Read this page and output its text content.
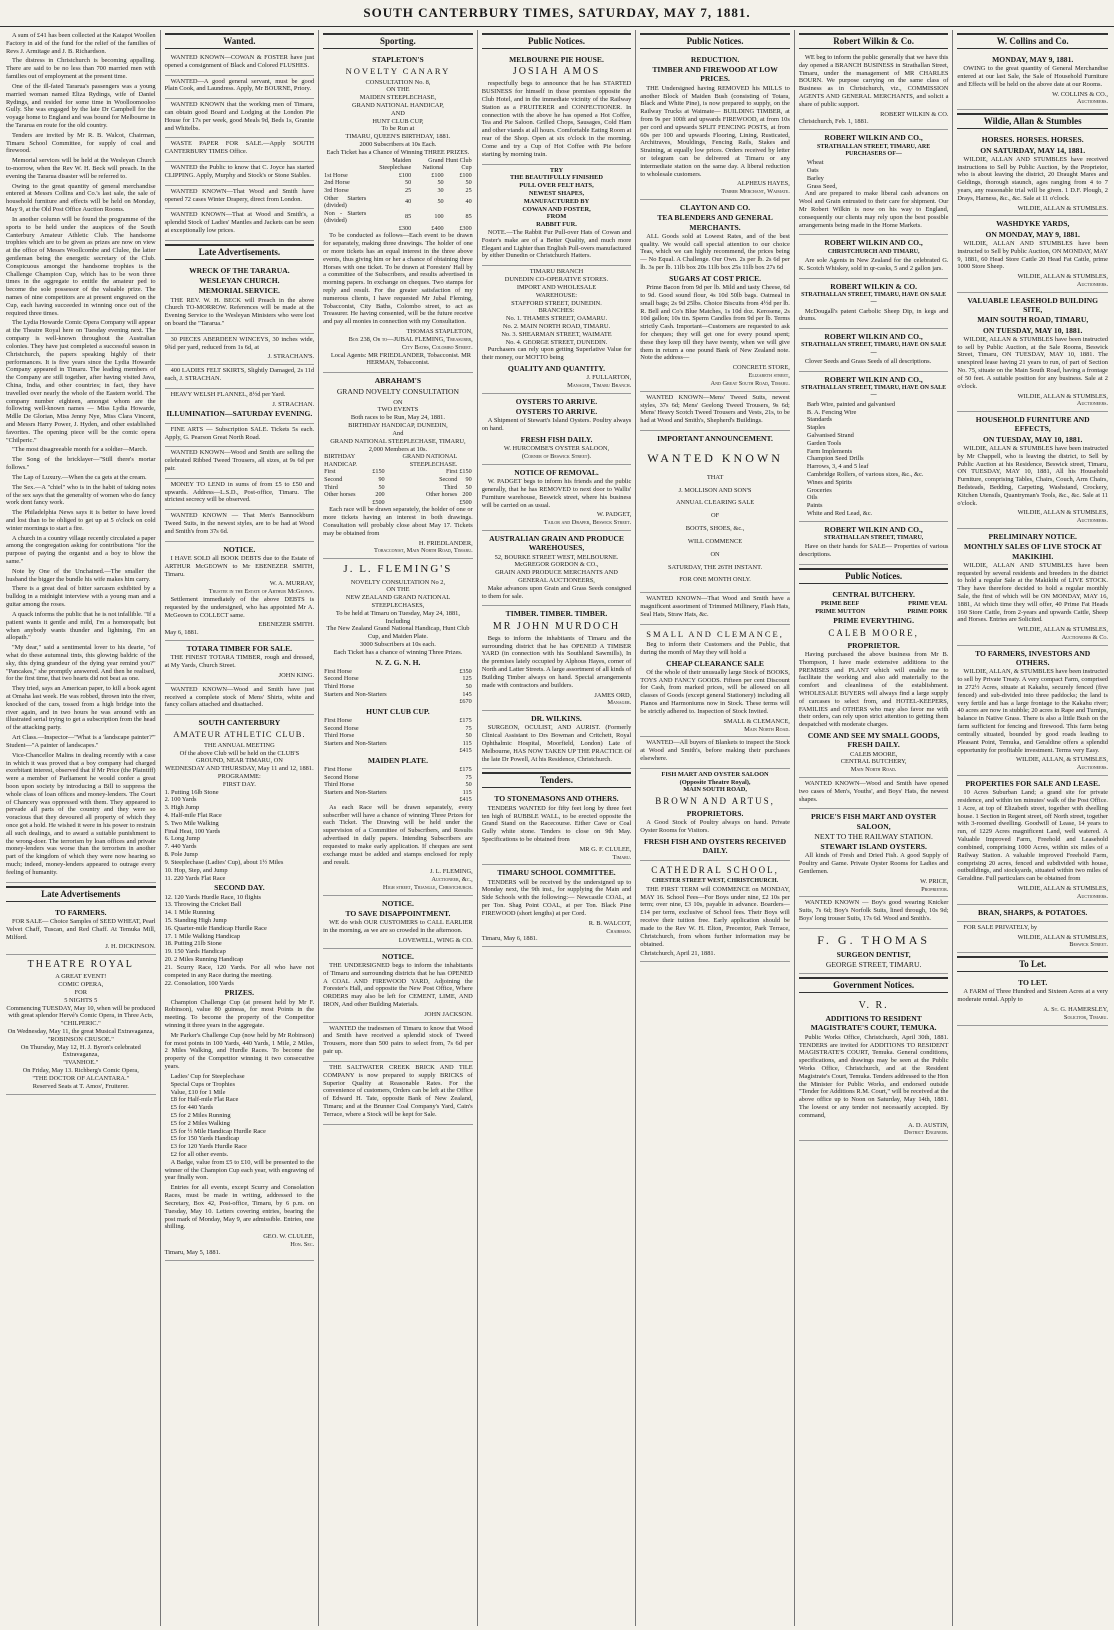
SOUTH CANTERBURY TIMES, SATURDAY, MAY 7, 1881.

A sum of £41 has been collected at the Kaiapoi Woollen Factory in aid of the fund for the relief of the families of Revs J. Armitage and J. B. Richardson.

The distress in Christchurch is becoming appalling. There are said to be no less than 700 married men with families out of employment at the present time.

One of the ill-fated Tararua's passengers was a young married woman named Eliza Rydings, wife of Daniel Rydings, and resided for some time in Woolloomooloo Gully. She was engaged by the late Dr Campbell for the voyage home to England and was bound for Melbourne in the Tararua en route for the old country.

Tenders are invited by Mr R. B. Walcot, Chairman, Timaru School Committee, for supply of coal and firewood.

Memorial services will be held at the Wesleyan Church to-morrow, when the Rev W. H. Beck will preach. In the evening the Tararua disaster will be referred to.

Owing to the great quantity of general merchandise entered at Messrs Collins and Co.'s last sale, the sale of household furniture and effects will be held on Monday, May 9, at the Old Post Office Auction Rooms.

In another column will be found the programme of the sports to be held under the auspices of the South Canterbury Amateur Athletic Club. The handsome trophies which are to be given as prizes are now on view at the office of Messrs Woollcombe and Clulee, the latter gentleman being the energetic secretary of the Club. Conspicuous amongst the handsome trophies is the Challenge Champion Cup, which has to be won three times in the aggregate to entitle the amateur ped to become the sole possessor of the valuable prize. The names of nine competitors are at present engraved on the Cup, each having succeeded in winning once out of the required three times.

The Lydia Howarde Comic Opera Company will appear at the Theatre Royal here on Tuesday evening next. The company is well-known throughout the Australian colonies. They have just completed a successful season in Christchurch, the papers speaking highly of their performances. It is five years since the Lydia Howarde Company appeared in Timaru. The leading members of the Company are still together, after having visited Java, China, India, and other countries; in fact, they have travelled over nearly the whole of the Eastern world. The company number eighteen, amongst whom are the following well-known names — Miss Lydia Howarde, Mdlle De Glorian, Miss Jenny Nye, Miss Clara Vincent, and Messrs Harry Power, J. Hyden, and other established favorites. The opening piece will be the comic opera "Chilperic."

"The most disagreeable month for a soldier—March.

The Song of the bricklayer—"Still there's mortar follows."

The Lap of Luxury.—When the ca gets at the cream.

The Sex.—A "chiel" who is in the habit of taking notes of the sex says that the generality of women who do fancy work dont fancy work.

The Philadelphia News says it is better to have loved and lost than to be obliged to get up at 5 o'clock on cold winter mornings to start a fire.

A church in a country village recently circulated a paper among the congregation asking for contributions "for the purpose of paying the organist and a boy to blow the same."

Note by One of the Unchained.—The smaller the husband the bigger the bundle his wife makes him carry.

There is a great deal of bitter sarcasm exhibited by a bulldog in a midnight interview with a young man and a guitar among the roses.

A quack informs the public that he is not infallible. "If a patient wants it gentle and mild, I'm a homœopath; but when anybody wants thunder and lightning, I'm an allopath."

"My dear," said a sentimental lover to his dearie, "of what do these autumnal tints, this glowing baldric of the sky, this dying grandeur of the dying year remind you?" "Pancakes," she promptly answered. And then he realised, for the first time, that two hearts did not beat as one.

They tried, says an American paper, to kill a book agent at Omaha last week. He was robbed, thrown into the river, knocked of the cars, tossed from a high bridge into the river again, and in two hours he was around with an illustrated serial trying to get a subscription from the head of the attacking party.

Art Class.—Inspector—"What is a 'landscape painter?'" Student—"A painter of landscapes."

Vice-Chancellor Malins in dealing recently with a case in which it was proved that a boy company had charged exorbitant interest, observed that if Mr Price (the Plaintiff) were a member of Parliament he would confer a great boon upon society by introducing a Bill to suppress the whole class of loan offices and money-lenders. The Court of Chancery was oppressed with them. They appeared to pervade all parts of the country and they were so voracious that they devoured all property of which they once got a hold. He wished it were in his power to restrain all such dealings, and to award a suitable punishment to the wrong-doer. The terrorism by loan offices and private money-lenders was worse than the terrorism in another part of the kingdom of which they were now hearing so much; indeed, money-lenders appeared to outrage every feeling of humanity.

Late Advertisements
TO FARMERS.

FOR SALE— Choice Samples of SEED WHEAT, Pearl Velvet Chaff, Tuscan, and Red Chaff. At Temuka Mill, Milford.

J. H. DICKINSON.
THEATRE ROYAL
A GREAT EVENT!
COMIC OPERA,
FOR
5 NIGHTS 5
Commencing TUESDAY, May 10, when will be produced with great splendor Hervé's Comic Opera, in Three Acts,
"CHILPERIC."
On Wednesday, May 11, the great Musical Extravaganza,
"ROBINSON CRUSOE."
On Thursday, May 12, H. J. Byron's celebrated Extravaganza,
"IVANHOE."
On Friday, May 13. Richberg's Comic Opera,
"THE DOCTOR OF ALCANTARA."
Reserved Seats at T. Amos', Fruiterer.
Wanted.

WANTED KNOWN—COWAN & FOSTER have just opened a consignment of Black and Colored FLUSHES.

WANTED—A good general servant, must be good Plain Cook, and Laundress. Apply, Mr BOURNE, Priory.

WANTED KNOWN that the working men of Timaru, can obtain good Board and Lodging at the London Pie House for 17s per week, good Meals 9d, Beds 1s, Granite and Whitelbs.

WASTE PAPER FOR SALE.—Apply SOUTH CANTERBURY TIMES Office.

WANTED the Public to know that C. Joyce has started CLIPPING. Apply, Murphy and Stock's or Stone Stables.

WANTED KNOWN—That Wood and Smith have opened 72 cases Winter Drapery, direct from London.

WANTED KNOWN—That at Wood and Smith's, a splendid Stock of Ladies' Mantles and Jackets can be seen at exceptionally low prices.

Late Advertisements.
WRECK OF THE TARARUA.
WESLEYAN CHURCH.
MEMORIAL SERVICE.

THE REV. W. H. BECK will Preach in the above Church TO-MORROW. References will be made at the Evening Service to the Wesleyan Ministers who were lost on board the "Tararua."

30 PIECES ABERDEEN WINCEYS, 30 inches wide, 9¾d per yard, reduced from 1s 6d, at

J. STRACHAN'S.

400 LADIES FELT SKIRTS, Slightly Damaged, 2s 11d each, J. STRACHAN.

HEAVY WELSH FLANNEL, 8½d per Yard.

J. STRACHAN.
ILLUMINATION—SATURDAY EVENING.

FINE ARTS — Subscription SALE. Tickets 5s each. Apply, G. Pearson Great North Road.

WANTED KNOWN—Wood and Smith are selling the celebrated Ribbed Tweed Trousers, all sizes, at 9s 6d per pair.

MONEY TO LEND in sums of from £5 to £50 and upwards. Address—L.S.D., Post-office, Timaru. The strictest secrecy will be observed.

WANTED KNOWN — That Men's Bannockburn Tweed Suits, in the newest styles, are to be had at Wood and Smith's from 37s 6d.

NOTICE.

I HAVE SOLD all BOOK DEBTS due to the Estate of ARTHUR McGEOWN to Mr EBENEZER SMITH, Timaru.

W. A. MURRAY,
Trustee in the Estate of Arthur McGeown.

Settlement immediately of the above DEBTS is requested by the undersigned, who has appointed Mr A. McGeown to COLLECT same.

EBENEZER SMITH.
May 6, 1881.
TOTARA TIMBER FOR SALE.

THE FINEST TOTARA TIMBER, rough and dressed, at My Yards, Church Street.

JOHN KING.

WANTED KNOWN—Wood and Smith have just received a complete stock of Mens' Shirts, white and fancy collars attached and disattached.

SOUTH CANTERBURY
AMATEUR ATHLETIC CLUB.
THE ANNUAL MEETING
Of the above Club will be held on the CLUB'S GROUND, NEAR TIMARU, ON
WEDNESDAY AND THURSDAY, May 11 and 12, 1881.
PROGRAMME:
FIRST DAY.
1. Putting 16lb Stone
2. 100 Yards
3. High Jump
4. Half-mile Flat Race
5. Two Mile Walking
Final Heat, 100 Yards
6. Long Jump
7. 440 Yards
8. Pole Jump
9. Steeplechase (Ladies' Cup), about 1½ Miles
10. Hop, Step, and Jump
11. 220 Yards Flat Race
SECOND DAY.
12. 120 Yards Hurdle Race, 10 flights
13. Throwing the Cricket Ball
14. 1 Mile Running
15. Standing High Jump
16. Quarter-mile Handicap Hurdle Race
17. 1 Mile Walking Handicap
18. Putting 21lb Stone
19. 150 Yards Handicap
20. 2 Miles Running Handicap
21. Scurry Race, 120 Yards. For all who have not competed in any Race during the meeting.
22. Consolation, 100 Yards
PRIZES.

Champion Challenge Cup (at present held by Mr F. Robinson), value 80 guineas, for most Points in the meeting. To become the property of the Competitor winning it three years in the aggregate.

Mr Parker's Challenge Cup (now held by Mr Robinson) for most points in 100 Yards, 440 Yards, 1 Mile, 2 Miles, 2 Miles Walking, and Hurdle Races. To become the property of the Competitor winning it two consecutive years.

Ladies' Cup for Steeplechase
Special Cups or Trophies
Value, £10 for 1 Mile
£8 for Half-mile Flat Race
£5 for 440 Yards
£5 for 2 Miles Running
£5 for 2 Miles Walking
£5 for ½ Mile Handicap Hurdle Race
£5 for 150 Yards Handicap
£3 for 120 Yards Hurdle Race
£2 for all other events.

A Badge, value from £5 to £10, will be presented to the winner of the Champion Cup each year, with engraving of year finally won.

Entries for all events, except Scurry and Consolation Races, must be made in writing, addressed to the Secretary, Box 42, Post-office, Timaru, by 6 p.m. on Tuesday, May 10. Letters covering entries, bearing the post mark of Monday, May 9, are admissible. Entries, one shilling.

GEO. W. CLULEE,
Hon. Sec.
Timaru, May 5, 1881.
Sporting.
STAPLETON'S
NOVELTY CANARY
CONSULTATION No. 8,
ON THE
MAIDEN STEEPLECHASE,
GRAND NATIONAL HANDICAP,
AND
HUNT CLUB CUP,
To be Run at
TIMARU, QUEEN'S BIRTHDAY, 1881.
2000 Subscribers at 10s Each.
Each Ticket has a Chance of Winning THREE PRIZES.
	Maiden Steeplechase	Grand National	Hunt Club Cup
1st Horse	£100	£100	£100
2nd Horse	50	50	50
3rd Horse	25	30	25
Other Starters (divided)	40	50	40
Non - Starters (divided)	85	100	85
	£300	£400	£300

To be conducted as follows—Each event to be drawn for separately, making three drawings. The holder of one or more tickets has an equal interest in the three above events, thus giving him or her a chance of obtaining three Horses with one ticket. To be drawn at Foresters' Hall by a committee of the Subscribers, and results advertised in morning papers. In exchange on cheques. Two stamps for reply and result. For the greater satisfaction of my numerous clients, I have requested Mr Jubal Fleming, Tobacconist, City Baths, Colombo street, to act as Treasurer. He having consented, will be the future receive and pay all monies in connection with my Consultation.

THOMAS STAPLETON,
Box 238, Or to—JUBAL FLEMING, Treasurer,
City Baths, Colombo Street.

Local Agents: MR FRIEDLANDER, Tobacconist. MR HERMAN, Tobacconist.

ABRAHAM'S
GRAND NOVELTY CONSULTATION
ON
TWO EVENTS
Both races to be Run, May 24, 1881.
BIRTHDAY HANDICAP, DUNEDIN,
And
GRAND NATIONAL STEEPLECHASE, TIMARU,
2,000 Members at 10s.
BIRTHDAY HANDICAP.		GRAND NATIONAL STEEPLECHASE.	
First	£150	First	£150
Second	90	Second	90
Third	50	Third	50
Other horses	200	Other horses	200
	£500		£500

Each race will be drawn separately, the holder of one or more tickets having an interest in both drawings. Consultation will probably close about May 17. Tickets may be obtained from

H. FRIEDLANDER,
Tobacconist, Main North Road, Timaru.
J. L. FLEMING'S
NOVELTY CONSULTATION No 2,
ON THE
NEW ZEALAND GRAND NATIONAL STEEPLECHASES,
To be held at Timaru on Tuesday, May 24, 1881,
Including
The New Zealand Grand National Handicap, Hunt Club Cup, and Maiden Plate.
3000 Subscribers at 10s each.
Each Ticket has a chance of winning Three Prizes.
N. Z. G. N. H.
First Horse	£350
Second Horse	125
Third Horse	50
Starters and Non-Starters	145
	£670
HUNT CLUB CUP.
First Horse	£175
Second Horse	75
Third Horse	50
Starters and Non-Starters	115
	£415
MAIDEN PLATE.
First Horse	£175
Second Horse	75
Third Horse	50
Starters and Non-Starters	115
	£415

As each Race will be drawn separately, every subscriber will have a chance of winning Three Prizes for each Ticket. The Drawing will be held under the supervision of a Committee of Subscribers, and Results advertised in daily papers. Intending Subscribers are requested to make early application. If cheques are sent exchange must be added and stamps enclosed for reply and result.

J. L. FLEMING,
Auctioneer, &c.,
High street, Triangle, Christchurch.
NOTICE.
TO SAVE DISAPPOINTMENT.

WE do wish OUR CUSTOMERS to CALL EARLIER in the morning, as we are so crowded in the afternoon.

LOVEWELL, WING & CO.
NOTICE.

THE UNDERSIGNED begs to inform the inhabitants of Timaru and surrounding districts that he has OPENED A COAL AND FIREWOOD YARD, Adjoining the Forester's Hall, and opposite the New Post Office, Where ORDERS may also be left for CEMENT, LIME, AND IRON, And other Building Materials.

JOHN JACKSON.

WANTED the tradesmen of Timaru to know that Wood and Smith have received a splendid stock of Tweed Trousers, more than 500 pairs to select from, 7s 6d per pair up.

THE SALTWATER CREEK BRICK AND TILE COMPANY is now prepared to supply BRICKS of Superior Quality at Reasonable Rates. For the convenience of customers, Orders can be left at the Office of Edward H. Tate, opposite Bank of New Zealand, Timaru; and at the Brunner Coal Company's Yard, Cain's Terrace, where a Stock will be kept for Sale.

Public Notices.
MELBOURNE PIE HOUSE.
JOSIAH AMOS

respectfully begs to announce that he has STARTED BUSINESS for himself in those premises opposite the Club Hotel, and in the immediate vicinity of the Railway Station as a FRUITERER and CONFECTIONER. In connection with the above he has opened a Hot Coffee, Tea and Pie Saloon. Grilled Chops, Sausages, Cold Ham and other viands at all hours. Comfortable Eating Room at rear of the Shop. Open at six o'clock in the morning. Come and try a Cup of Hot Coffee with Pie before starting by morning train.

TRY
THE BEAUTIFULLY FINISHED
PULL OVER FELT HATS,
NEWEST SHAPES,
MANUFACTURED BY
COWAN AND FOSTER,
FROM
RABBIT FUR.

NOTE.—The Rabbit Fur Pull-over Hats of Cowan and Foster's make are of a Better Quality, and much more Elegant and Lighter than English Pull-overs manufactured by either Dunedin or Christchurch Hatters.

TIMARU BRANCH
DUNEDIN CO-OPERATIVE STORES.
IMPORT AND WHOLESALE
WAREHOUSE:
STAFFORD STREET, DUNEDIN.
BRANCHES:
No. 1. THAMES STREET, OAMARU.
No. 2. MAIN NORTH ROAD, TIMARU.
No. 3. SHEARMAN STREET, WAIMATE
No. 4. GEORGE STREET, DUNEDIN.

Purchasers can rely upon getting Superlative Value for their money, our MOTTO being

QUALITY AND QUANTITY.
J. FULLARTON,
Manager, Timaru Branch.
OYSTERS TO ARRIVE.
OYSTERS TO ARRIVE.

A Shipment of Stewart's Island Oysters. Poultry always on hand.

FRESH FISH DAILY.
W. HURCOMBE'S OYSTER SALOON,
(Corner of Beswick Street).
NOTICE OF REMOVAL.

W. PADGET begs to inform his friends and the public generally, that he has REMOVED to next door to Wallis' Furniture warehouse, Beswick street, where his business will be carried on as usual.

W. PADGET,
Tailor and Draper, Beswick Street.
AUSTRALIAN GRAIN AND PRODUCE WAREHOUSES,
52, BOURKE STREET WEST, MELBOURNE.
McGREGOR GORDON & CO.,
GRAIN AND PRODUCE MERCHANTS AND GENERAL AUCTIONEERS,

Make advances upon Grain and Grass Seeds consigned to them for sale.

TIMBER. TIMBER. TIMBER.
MR JOHN MURDOCH

Begs to inform the inhabitants of Timaru and the surrounding district that he has OPENED A TIMBER YARD (in connection with his Southland Sawmills), In the premises lately occupied by Alphous Hayes, corner of North and Latter Streets. A large assortment of all kinds of Building Timber always on hand. Special arrangements made with contractors and builders.

JAMES ORD,
Manager.
DR. WILKINS.

SURGEON, OCULIST, AND AURIST. (Formerly Clinical Assistant to Drs Bowman and Critchett, Royal Ophthalmic Hospital, Moorfield, London) Late of Melbourne, HAS NOW TAKEN UP THE PRACTICE Of the late Dr Powell, At his Residence, Christchurch.

Tenders.
TO STONEMASONS AND OTHERS.

TENDERS WANTED for fifty feet long by three feet ten high of RUBBLE WALL, to be erected opposite the Grand Stand on the Racecourse. Either Cave or Coal Gully white stone. Tenders to close on 9th May. Specifications to be obtained from

MR G. F. CLULEE,
Timaru.
TIMARU SCHOOL COMMITTEE.

TENDERS will be received by the undersigned up to Monday next, the 9th inst., for supplying the Main and Side Schools with the following:— Newcastle COAL, at per Ton. Shag Point COAL, at per Ton. Black Pine FIREWOOD (short lengths) at per Cord.

R. B. WALCOT,
Chairman.
Timaru, May 6, 1881.
Public Notices.
REDUCTION.
TIMBER AND FIREWOOD AT LOW PRICES.

THE Undersigned having REMOVED his MILLS to another Block of Maiden Bush (consisting of Totara, Black and White Pine), is now prepared to supply, on the Railway Trucks at Waimate— BUILDING TIMBER, at from 9s per 100ft and upwards FIREWOOD, at from 10s per cord and upwards SPLIT FENCING POSTS, at from 60s per 100 and upwards Flooring, Lining, Rusticated, Architraves, Mouldings, Fencing Rails, Stakes and Straining, at equally low prices. Orders received by letter or telegram can be delivered at Timaru or any intermediate station on the same day. A liberal reduction to wholesale customers.

ALPHEUS HAYES,
Timber Merchant, Waimate.
CLAYTON AND CO.
TEA BLENDERS AND GENERAL MERCHANTS.

ALL Goods sold at Lowest Rates, and of the best quality. We would call special attention to our choice Teas, which we can highly recommend, the prices being— No Equal. A Challenge. Our Own. 2s per lb. 2s 6d per lb. 3s per lb. 11lb box 20s 11lb box 25s 11lb box 27s 6d

SUGARS AT COST PRICE.

Prime Bacon from 9d per lb. Mild and tasty Cheese, 6d to 9d. Good sound flour, 4s 10d 50lb bags. Oatmeal in small bags; 2s 9d 25lbs. Choice Biscuits from 4½d per lb. R. Bell and Co's Blue Matches, 1s 10d doz. Kerosene, 2s 10d gallon; 10s tin. Sperm Candles from 9d per lb. Terms strictly Cash. Important—Customers are requested to ask for cheques; they will get one for every pound spent; these they keep till they have twenty, when we will give them in return a one pound Bank of New Zealand note. Note the address—

CONCRETE STORE,
Elizabeth street,
And Great South Road, Timaru.

WANTED KNOWN—Mens' Tweed Suits, newest styles, 37s 6d; Mens' Geelong Tweed Trousers, 9s 6d; Mens' Heavy Scotch Tweed Trousers and Vests, 21s, to be had at Wood and Smith's, Shepherd's Buildings.

IMPORTANT ANNOUNCEMENT.
WANTED KNOWN
THAT
J. MOLLISON AND SON'S
ANNUAL CLEARING SALE
OF
BOOTS, SHOES, &c.,
WILL COMMENCE
ON
SATURDAY, THE 26TH INSTANT.
FOR ONE MONTH ONLY.

WANTED KNOWN—That Wood and Smith have a magnificent assortment of Trimmed Millinery, Flash Hats, Seal Hats, Straw Hats, &c.

SMALL AND CLEMANCE,

Beg to inform their Customers and the Public, that during the month of May they will hold a

CHEAP CLEARANCE SALE

Of the whole of their unusually large Stock of BOOKS, TOYS AND FANCY GOODS. Fifteen per cent Discount for Cash, from marked prices, will be allowed on all classes of Goods (except general Stationery) including all Pianos and Harmoniums now in Stock. These terms will be strictly adhered to. Inspection of Stock Invited.

SMALL & CLEMANCE,
Main North Road.

WANTED—All buyers of Blankets to inspect the Stock at Wood and Smith's, before making their purchases elsewhere.

FISH MART AND OYSTER SALOON
(Opposite Theatre Royal),
MAIN SOUTH ROAD,
BROWN AND ARTUS,
PROPRIETORS.

A Good Stock of Poultry always on hand. Private Oyster Rooms for Visitors.

FRESH FISH AND OYSTERS RECEIVED DAILY.
CATHEDRAL SCHOOL,
CHESTER STREET WEST, CHRISTCHURCH.

THE FIRST TERM will COMMENCE on MONDAY, MAY 16. School Fees—For Boys under nine, £2 10s per term; over nine, £3 10s, payable in advance. Boarders—£14 per term, exclusive of School fees. Their Boys will receive their tuition free. Early application should be made to the Rev W. H. Elton, Precentor, Park Terrace, Christchurch, from whom further information may be obtained.

Christchurch, April 21, 1881.
Robert Wilkin & Co.

WE beg to inform the public generally that we have this day opened a BRANCH BUSINESS in Strathallan Street, Timaru, under the management of MR CHARLES BOURN. We purpose carrying on the same class of Business as in Christchurch, viz., COMMISSION AGENTS AND GENERAL MERCHANTS, and solicit a share of public support.

ROBERT WILKIN & CO.
Christchurch, Feb. 1, 1881.
ROBERT WILKIN AND CO.,
STRATHALLAN STREET, TIMARU, ARE PURCHASERS OF—
Wheat
Oats
Barley
Grass Seed,

And are prepared to make liberal cash advances on Wool and Grain entrusted to their care for shipment. Our Mr Robert Wilkin is now on his way to England, consequently our clients may rely upon the best possible arrangements being made in the Home Markets.

ROBERT WILKIN AND CO.,
CHRISTCHURCH AND TIMARU,

Are sole Agents in New Zealand for the celebrated G. K. Scotch Whiskey, sold in qr-casks, 5 and 2 gallon jars.

ROBERT WILKIN & CO.
STRATHALLAN STREET, TIMARU, HAVE ON SALE—

McDougall's patent Carbolic Sheep Dip, in kegs and drums.

ROBERT WILKIN AND CO.,
STRATHALLAN STREET, TIMARU, HAVE ON SALE—

Clover Seeds and Grass Seeds of all descriptions.

ROBERT WILKIN AND CO.,
STRATHALLAN STREET, TIMARU, HAVE ON SALE—
Barb Wire, painted and galvanised
B. A. Fencing Wire
Standards
Staples
Galvanised Strand
Garden Tools
Farm Implements
Champion Seed Drills
Harrows, 3, 4 and 5 leaf
Cambridge Rollers, of various sizes, &c., &c.
Wines and Spirits
Groceries
Oils
Paints
White and Red Lead, &c.
ROBERT WILKIN AND CO.,
STRATHALLAN STREET, TIMARU,

Have on their hands for SALE— Properties of various descriptions.

Public Notices.
CENTRAL BUTCHERY.
PRIME BEEF	PRIME VEAL
PRIME MUTTON	PRIME PORK
PRIME EVERYTHING.
CALEB MOORE,
PROPRIETOR.

Having purchased the above business from Mr B. Thompson, I have made extensive additions to the PREMISES and PLANT which will enable me to facilitate the working and also add materially to the comfort and cleanliness of the establishment. WHOLESALE BUYERS will always find a large supply of carcases to select from, and HOTEL-KEEPERS, FAMILIES and OTHERS who may also favor me with their orders, can rely upon strict attention to getting them despatched with moderate charges.

COME AND SEE MY SMALL GOODS, FRESH DAILY.
CALEB MOORE,
CENTRAL BUTCHERY,
Main North Road.

WANTED KNOWN—Wood and Smith have opened two cases of Men's, Youths', and Boys' Hats, the newest shapes.

PRICE'S FISH MART AND OYSTER SALOON,
NEXT TO THE RAILWAY STATION.
STEWART ISLAND OYSTERS.

All kinds of Fresh and Dried Fish. A good Supply of Poultry and Game. Private Oyster Rooms for Ladies and Gentlemen.

W. PRICE,
Proprietor.

WANTED KNOWN — Boy's good wearing Knicker Suits, 7s 6d; Boy's Norfolk Suits, lined through, 10s 9d; Boys' long trouser Suits, 17s 6d. Wood and Smith's.

F. G. THOMAS
SURGEON DENTIST,
GEORGE STREET, TIMARU.
Government Notices.
V. R.
ADDITIONS TO RESIDENT MAGISTRATE'S COURT, TEMUKA.

Public Works Office, Christchurch, April 30th, 1881. TENDERS are invited for ADDITIONS TO RESIDENT MAGISTRATE'S COURT, Temuka. General conditions, specifications, and drawings may be seen at the Public Works Office, Christchurch, and at the Resident Magistrate's Court, Temuka. Tenders addressed to the Hon the Minister for Public Works, and endorsed outside "Tender for Additions R.M. Court," will be received at the above office up to Noon on Saturday, May 14th, 1881. The lowest or any tender not necessarily accepted. By command,

A. D. AUSTIN,
District Engineer.
W. Collins and Co.
MONDAY, MAY 9, 1881.

OWING to the great quantity of General Merchandise entered at our last Sale, the Sale of Household Furniture and Effects will be held on the above date at our Rooms.

W. COLLINS & CO.,
Auctioneers.
Wildie, Allan & Stumbles
HORSES. HORSES. HORSES.
ON SATURDAY, MAY 14, 1881.

WILDIE, ALLAN AND STUMBLES have received instructions to Sell by Public Auction, by the Proprietor, who is about leaving the district, 20 Draught Mares and Geldings, thorough staunch, ages ranging from 4 to 7 years, any reasonable trial will be given. 1 D.F. Plough, 2 Drays, Harness, &c., &c. Sale at 11 o'clock.

WILDIE, ALLAN & STUMBLES.
WASHDYKE YARDS,
ON MONDAY, MAY 9, 1881.

WILDIE, ALLAN AND STUMBLES have been instructed to Sell by Public Auction, ON MONDAY, MAY 9, 1881, 60 Head Store Cattle 20 Head Fat Cattle, prime 1000 Store Sheep.

WILDIE, ALLAN & STUMBLES,
Auctioneers.
VALUABLE LEASEHOLD BUILDING SITE,
MAIN SOUTH ROAD, TIMARU,
ON TUESDAY, MAY 10, 1881.

WILDIE, ALLAN & STUMBLES have been instructed to sell by Public Auction, at the Sale Rooms, Beswick Street, Timaru, ON TUESDAY, MAY 10, 1881. The unexpired lease having 21 years to run, of part of Section No. 75, situate on the Main South Road, having a frontage of 50 feet. A suitable position for any business. Sale at 2 o'clock.

WILDIE, ALLAN & STUMBLES,
Auctioneers.
HOUSEHOLD FURNITURE AND EFFECTS,
ON TUESDAY, MAY 10, 1881.

WILDIE, ALLAN & STUMBLES have been instructed by Mr Chappell, who is leaving the district, to Sell by Public Auction at his Residence, Beswick street, Timaru, ON TUESDAY, MAY 10, 1881, All his Household Furniture, comprising Tables, Chairs, Couch, Arm Chairs, Bedsteads, Bedding, Carpeting, Washstand, Crockery, Kitchen Utensils, Quantryman's Tools, &c., &c. Sale at 11 o'clock.

WILDIE, ALLAN & STUMBLES,
Auctioneers.
PRELIMINARY NOTICE.
MONTHLY SALES OF LIVE STOCK AT MAKIKIHI.

WILDIE, ALLAN AND STUMBLES have been requested by several residents and breeders in the district to hold a regular Sale at the Makikihi of LIVE STOCK. They have therefore decided to hold a regular monthly Sale, the first of which will be ON MONDAY, MAY 16, 1881, At which time they will offer, 40 Prime Fat Heads 160 Store Cattle, from 2-years and upwards Cattle, Sheep and Horses. Entries are Solicited.

WILDIE, ALLAN & STUMBLES,
Auctioneers & Co.
TO FARMERS, INVESTORS AND OTHERS.

WILDIE, ALLAN, & STUMBLES have been instructed to sell by Private Treaty. A very compact Farm, comprised in 272½ Acres, situate at Kakahu, securely fenced (five fenced) and sub-divided into three paddocks; the land is very fertile and has a large frontage to the Kakahu river; 40 acres are now in stubble; 20 acres in Rape and Turnips, balance in Native Grass. There is also a little Bush on the farm sufficient for fencing and firewood. This farm being centrally situated, bounded by good roads leading to Pleasant Point, Temuka, and Geraldine offers a splendid opportunity for profitable investment. Terms very Easy.

WILDIE, ALLAN, & STUMBLES,
Auctioneers.
PROPERTIES FOR SALE AND LEASE.

10 Acres Suburban Land; a grand site for private residence, and within ten minutes' walk of the Post Office. 1 Acre, at top of Elizabeth street, together with dwelling house. 1 Section in Regent street, off North street, together with 3-roomed dwelling. Goodwill of Lease, 14 years to run, of 1229 Acres magnificent Land, well watered. A Valuable Improved Farm, Freehold and Leasehold combined, comprising 1000 Acres, within six miles of a Railway Station. A valuable improved Freehold Farm, comprising 20 acres, fenced and subdivided with house, outbuildings, and stockyards, situated within two miles of Geraldine. Full particulars can be obtained from

WILDIE, ALLAN & STUMBLES,
Auctioneers.
BRAN, SHARPS, & POTATOES.

FOR SALE PRIVATELY, by

WILDIE, ALLAN & STUMBLES,
Beswick Street.
To Let.
TO LET.

A FARM of Three Hundred and Sixteen Acres at a very moderate rental. Apply to

A. St. G. HAMERSLEY,
Solicitor, Timaru.
